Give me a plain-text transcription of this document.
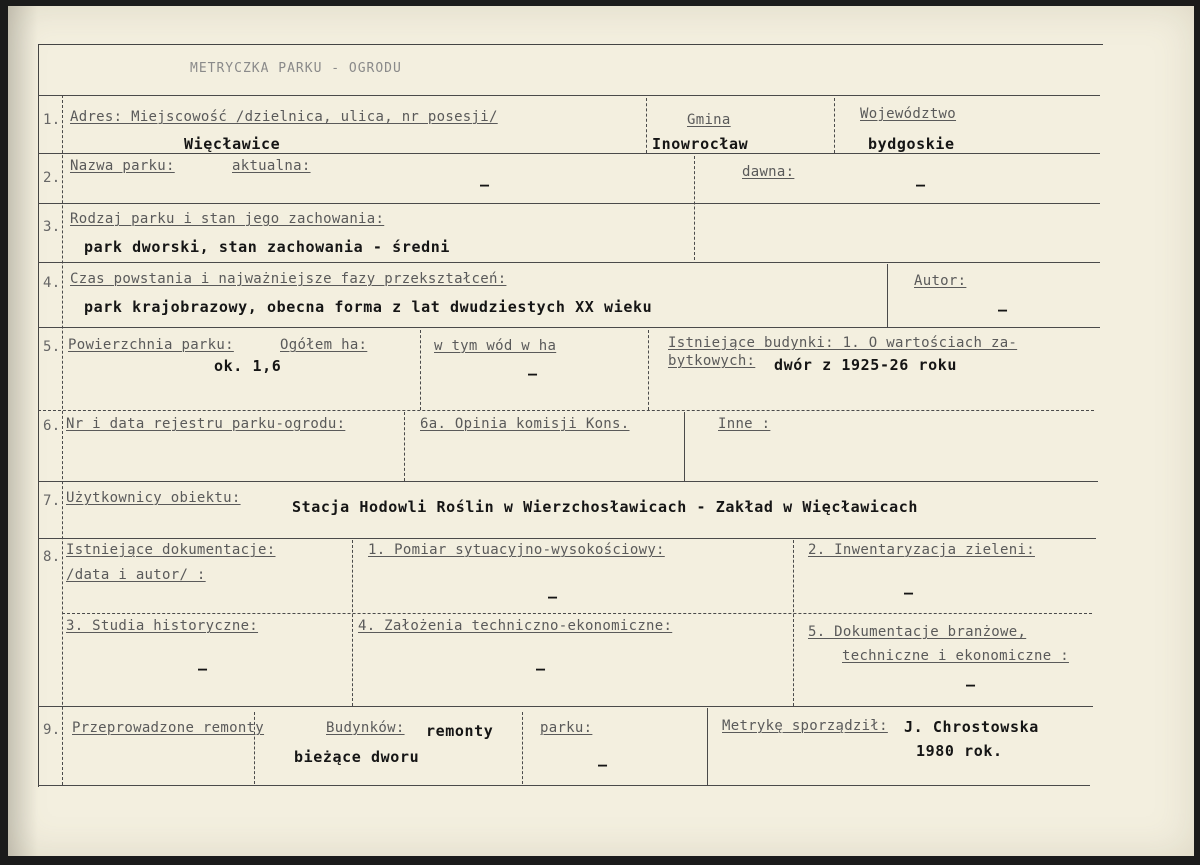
METRYCZKA PARKU - OGRODU
1. Adres: Miejscowość /dzielnica, ulica, nr posesji/
Więcławice
Gmina
Inowrocław
Województwo
bydgoskie
2.
Nazwa parku:	aktualna:
–
dawna:
–
3. Rodzaj parku i stan jego zachowania:
park dworski, stan zachowania - średni
4. Czas powstania i najważniejsze fazy przekształceń:
park krajobrazowy, obecna forma z lat dwudziestych XX wieku
Autor:
–
5. Powierzchnia parku:	Ogółem ha:
ok. 1,6
w tym wód w ha
–
Istniejące budynki: 1. O wartościach za-
bytkowych: dwór z 1925-26 roku
6. Nr i data rejestru parku-ogrodu:	6a. Opinia komisji Kons.	Inne :
7. Użytkownicy obiektu:	Stacja Hodowli Roślin w Wierzchosławicach - Zakład w Więcławicach
8. Istniejące dokumentacje:
/data i autor/ :
1. Pomiar sytuacyjno-wysokościowy:
–
2. Inwentaryzacja zieleni:
–
3. Studia historyczne:
–
4. Założenia techniczno-ekonomiczne:
–
5. Dokumentacje branżowe,
techniczne i ekonomiczne :
–
9. Przeprowadzone remonty	Budynków: remonty
bieżące dworu
parku:
–
Metrykę sporządził: J. Chrostowska
1980 rok.
